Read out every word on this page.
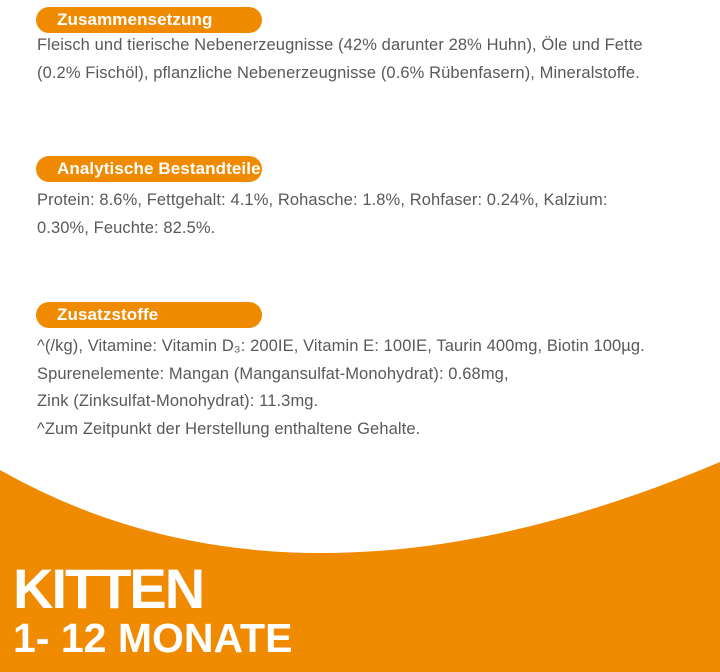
Zusammensetzung
Fleisch und tierische Nebenerzeugnisse (42% darunter 28% Huhn), Öle und Fette
(0.2% Fischöl), pflanzliche Nebenerzeugnisse (0.6% Rübenfasern), Mineralstoffe.
Analytische Bestandteile
Protein: 8.6%, Fettgehalt: 4.1%, Rohasche: 1.8%, Rohfaser: 0.24%, Kalzium:
0.30%, Feuchte: 82.5%.
Zusatzstoffe
^(/kg), Vitamine: Vitamin D₃: 200IE, Vitamin E: 100IE, Taurin 400mg, Biotin 100µg.
Spurenelemente: Mangan (Mangansulfat-Monohydrat): 0.68mg,
Zink (Zinksulfat-Monohydrat): 11.3mg.
^Zum Zeitpunkt der Herstellung enthaltene Gehalte.
KITTEN
1- 12 MONATE
